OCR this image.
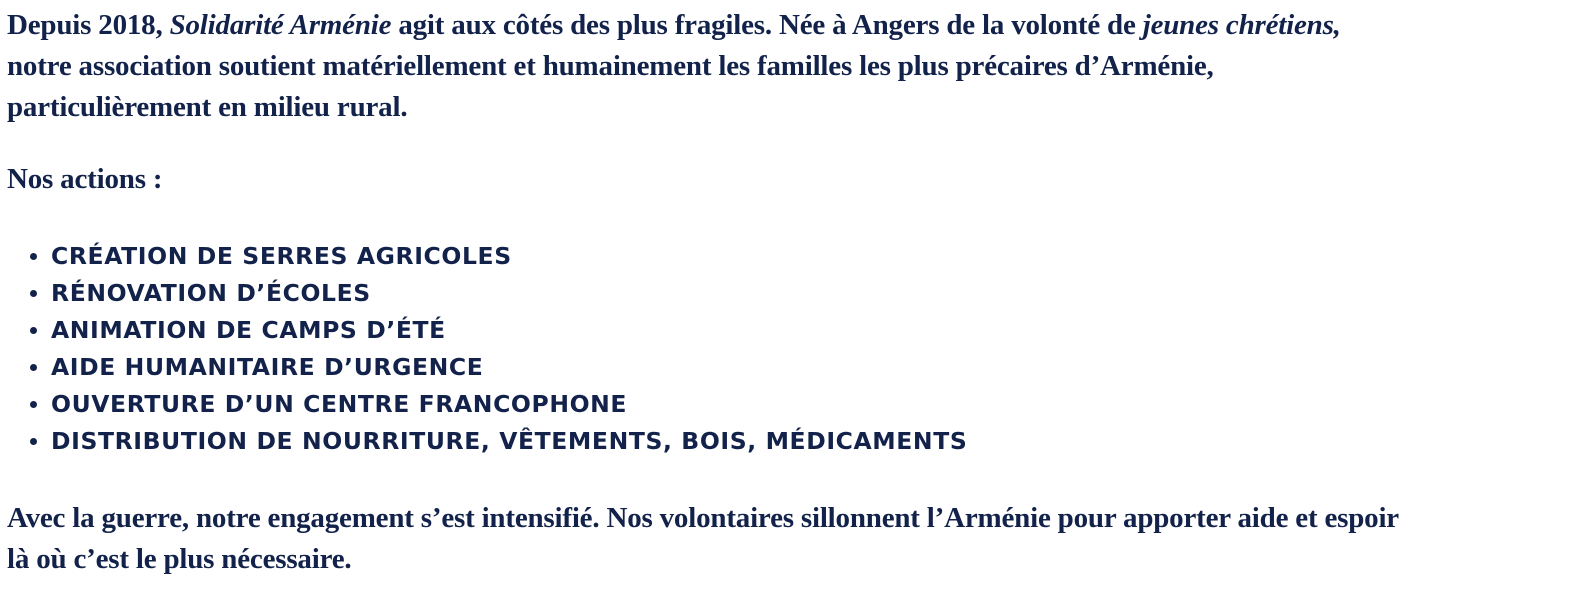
Depuis 2018, Solidarité Arménie agit aux côtés des plus fragiles. Née à Angers de la volonté de jeunes chrétiens,
notre association soutient matériellement et humainement les familles les plus précaires d’Arménie,
particulièrement en milieu rural.

Nos actions :

CRÉATION DE SERRES AGRICOLES
RÉNOVATION D’ÉCOLES
ANIMATION DE CAMPS D’ÉTÉ
AIDE HUMANITAIRE D’URGENCE
OUVERTURE D’UN CENTRE FRANCOPHONE
DISTRIBUTION DE NOURRITURE, VÊTEMENTS, BOIS, MÉDICAMENTS

Avec la guerre, notre engagement s’est intensifié. Nos volontaires sillonnent l’Arménie pour apporter aide et espoir
là où c’est le plus nécessaire.
